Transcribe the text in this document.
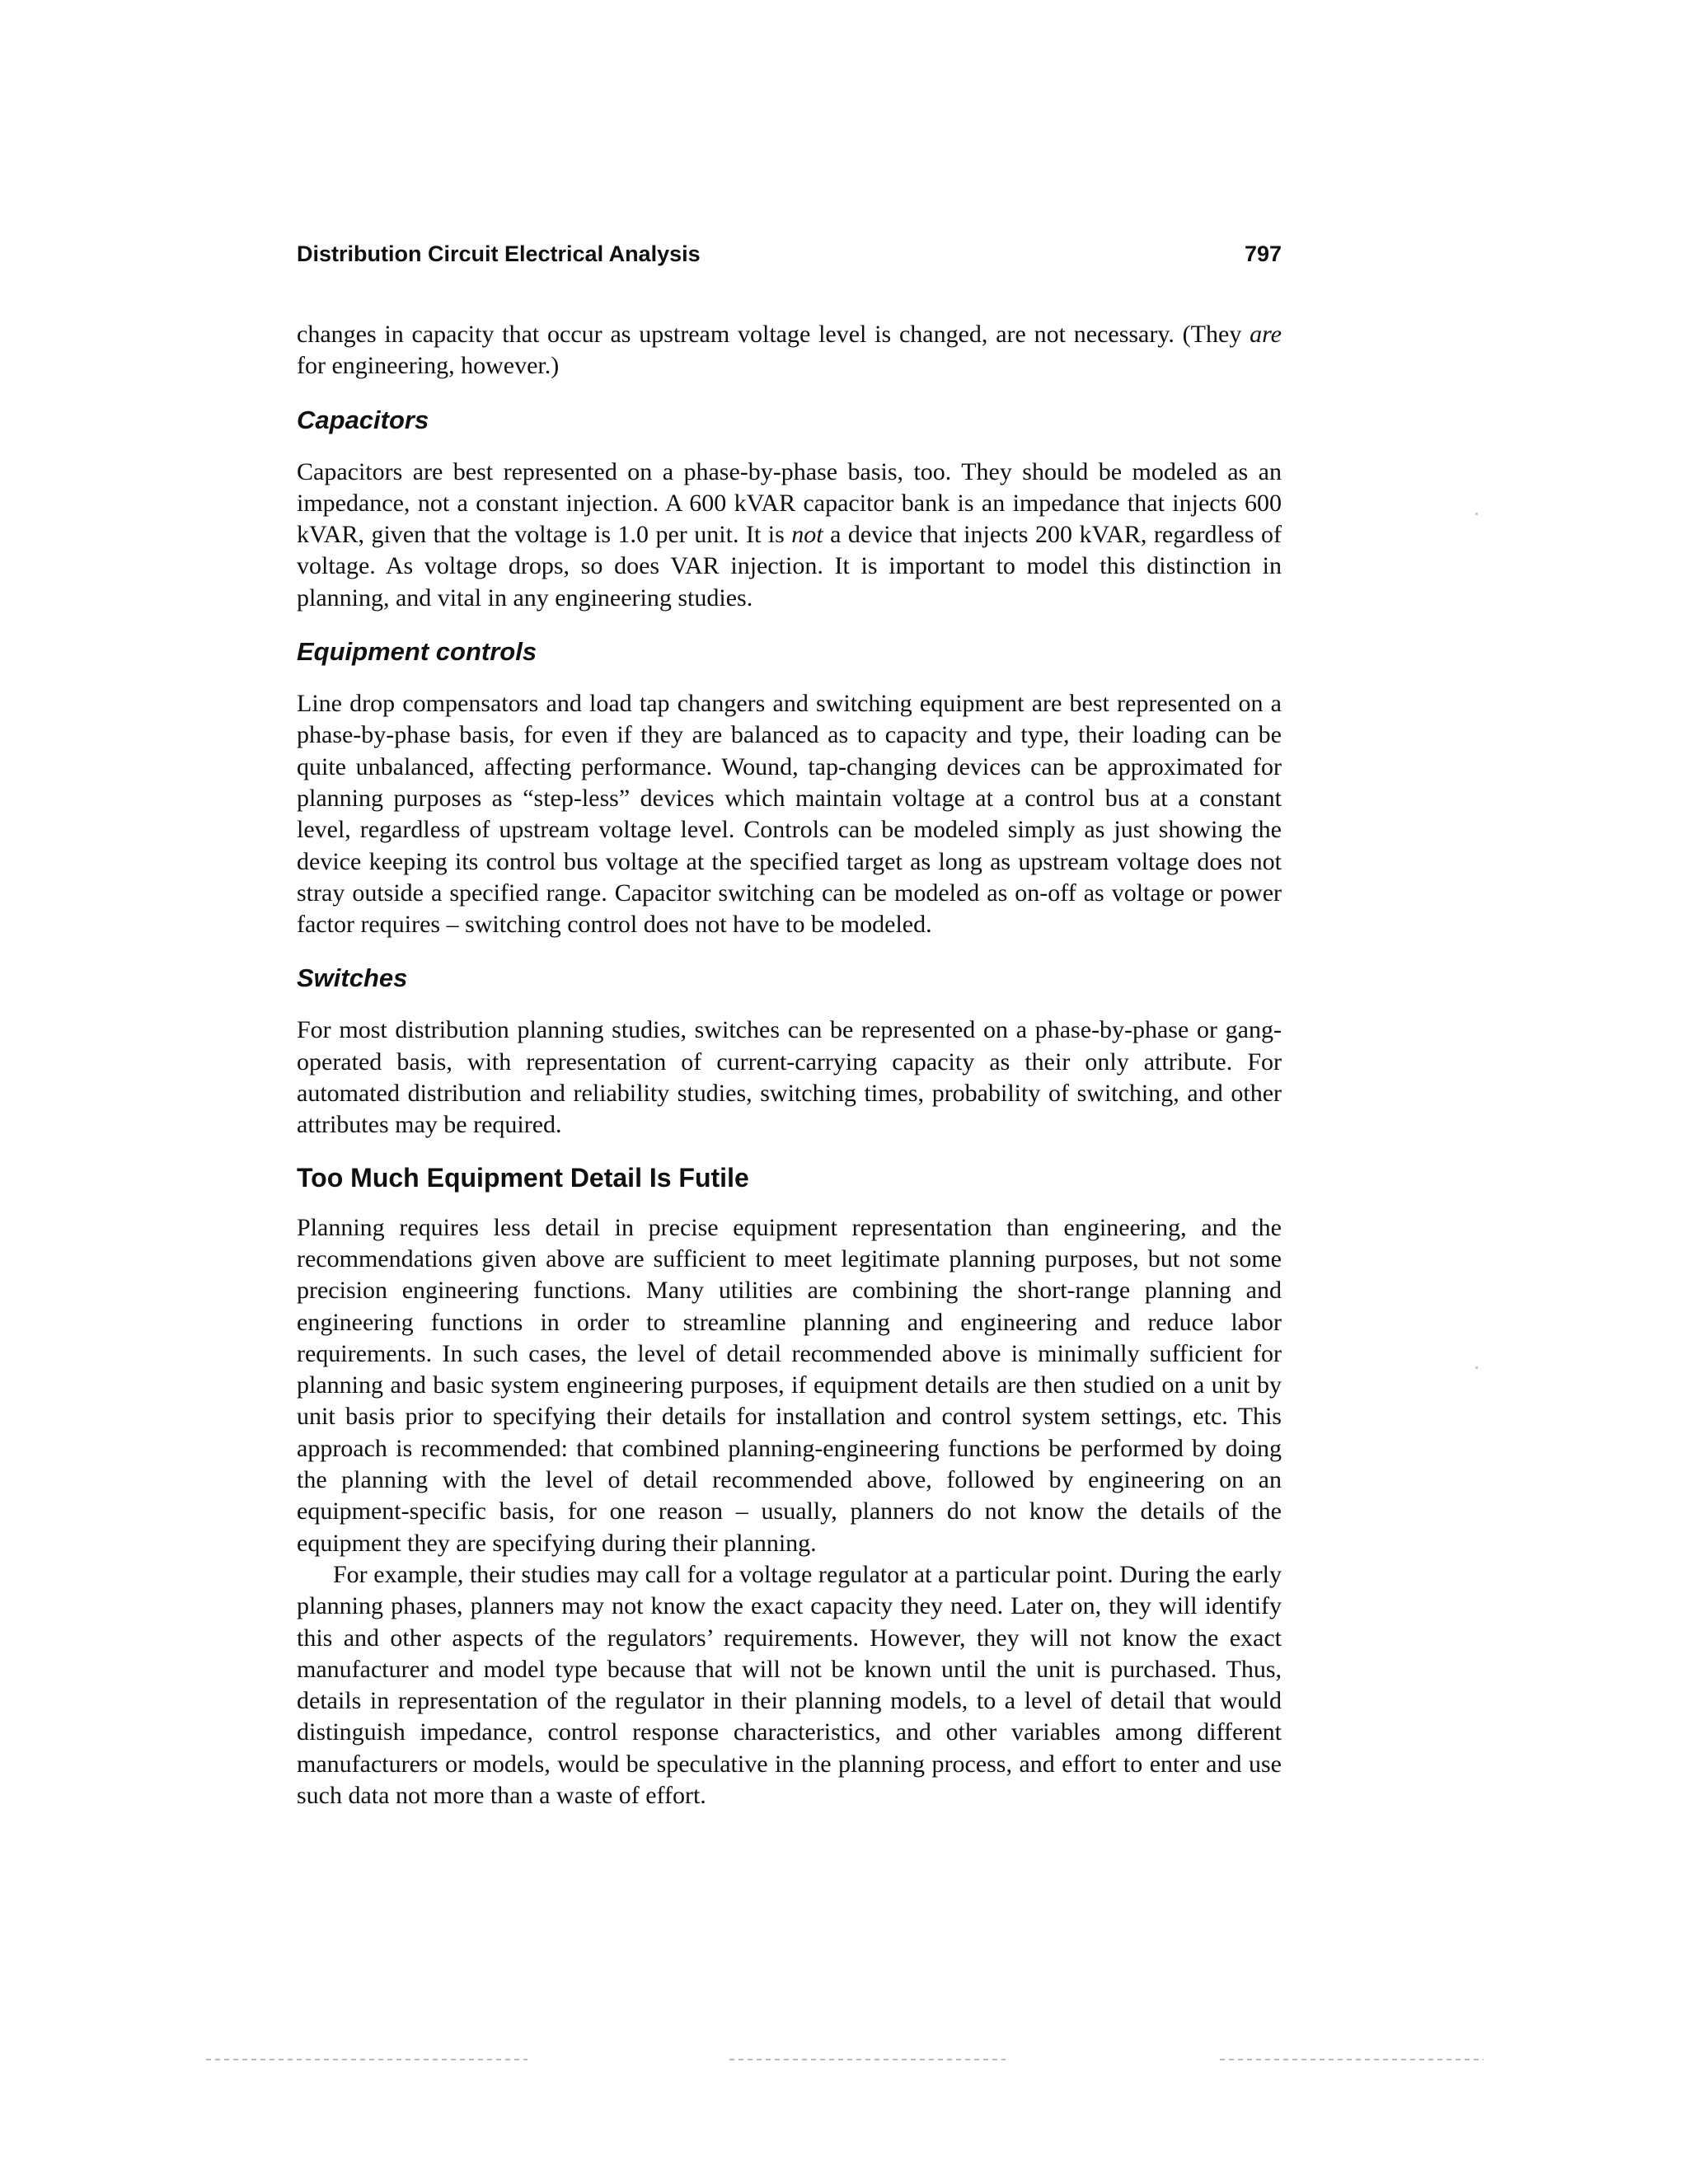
Distribution Circuit Electrical Analysis	797

changes in capacity that occur as upstream voltage level is changed, are not necessary. (They are for engineering, however.)

Capacitors

Capacitors are best represented on a phase-by-phase basis, too. They should be modeled as an impedance, not a constant injection. A 600 kVAR capacitor bank is an impedance that injects 600 kVAR, given that the voltage is 1.0 per unit. It is not a device that injects 200 kVAR, regardless of voltage. As voltage drops, so does VAR injection. It is important to model this distinction in planning, and vital in any engineering studies.

Equipment controls

Line drop compensators and load tap changers and switching equipment are best represented on a phase-by-phase basis, for even if they are balanced as to capacity and type, their loading can be quite unbalanced, affecting performance. Wound, tap-changing devices can be approximated for planning purposes as “step-less” devices which maintain voltage at a control bus at a constant level, regardless of upstream voltage level. Controls can be modeled simply as just showing the device keeping its control bus voltage at the specified target as long as upstream voltage does not stray outside a specified range. Capacitor switching can be modeled as on-off as voltage or power factor requires – switching control does not have to be modeled.

Switches

For most distribution planning studies, switches can be represented on a phase-by-phase or gang-operated basis, with representation of current-carrying capacity as their only attribute. For automated distribution and reliability studies, switching times, probability of switching, and other attributes may be required.

Too Much Equipment Detail Is Futile

Planning requires less detail in precise equipment representation than engineering, and the recommendations given above are sufficient to meet legitimate planning purposes, but not some precision engineering functions. Many utilities are combining the short-range planning and engineering functions in order to streamline planning and engineering and reduce labor requirements. In such cases, the level of detail recommended above is minimally sufficient for planning and basic system engineering purposes, if equipment details are then studied on a unit by unit basis prior to specifying their details for installation and control system settings, etc. This approach is recommended: that combined planning-engineering functions be performed by doing the planning with the level of detail recommended above, followed by engineering on an equipment-specific basis, for one reason – usually, planners do not know the details of the equipment they are specifying during their planning.

For example, their studies may call for a voltage regulator at a particular point. During the early planning phases, planners may not know the exact capacity they need. Later on, they will identify this and other aspects of the regulators’ requirements. However, they will not know the exact manufacturer and model type because that will not be known until the unit is purchased. Thus, details in representation of the regulator in their planning models, to a level of detail that would distinguish impedance, control response characteristics, and other variables among different manufacturers or models, would be speculative in the planning process, and effort to enter and use such data not more than a waste of effort.
